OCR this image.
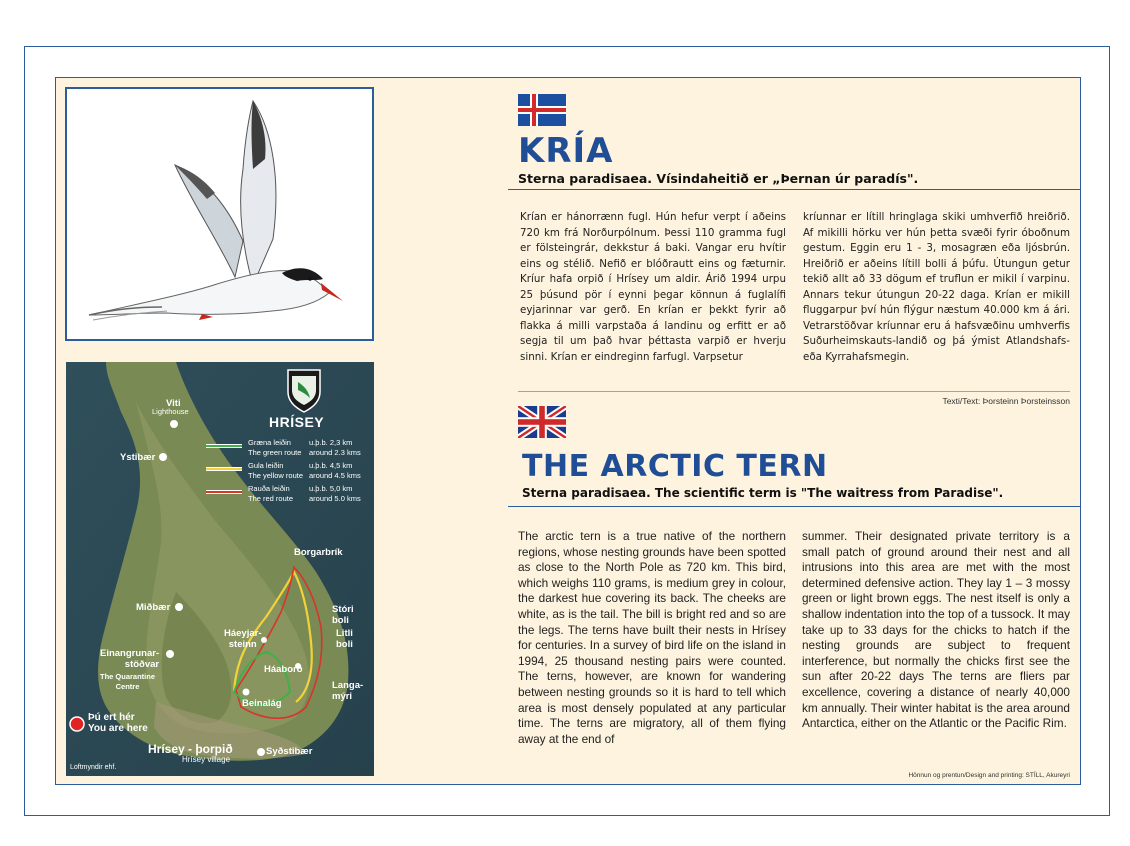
KRÍA
Sterna paradisaea. Vísindaheitið er „Þernan úr paradís".

Krían er hánorrænn fugl. Hún hefur verpt í aðeins 720 km frá Norðurpólnum. Þessi 110 gramma fugl er fölsteingrár, dekkstur á baki. Vangar eru hvítir eins og stélið. Nefið er blóðrautt eins og fæturnir. Kríur hafa orpið í Hrísey um aldir. Árið 1994 urpu 25 þúsund pör í eynni þegar könnun á fuglalífi eyjarinnar var gerð. En krían er þekkt fyrir að flakka á milli varpstaða á landinu og erfitt er að segja til um það hvar þéttasta varpið er hverju sinni. Krían er eindreginn farfugl. Varpsetur

kríunnar er lítill hringlaga skiki umhverfið hreiðrið. Af mikilli hörku ver hún þetta svæði fyrir óboðnum gestum. Eggin eru 1 - 3, mosagræn eða ljósbrún. Hreiðrið er aðeins lítill bolli á þúfu. Útungun getur tekið allt að 33 dögum ef truflun er mikil í varpinu. Annars tekur útungun 20-22 daga. Krían er mikill fluggarpur því hún flýgur næstum 40.000 km á ári. Vetrarstöðvar kríunnar eru á hafsvæðinu umhverfis Suðurheimskauts-landið og þá ýmist Atlandshafs- eða Kyrrahafsmegin.

Texti/Text: Þorsteinn Þorsteinsson
THE ARCTIC TERN
Sterna paradisaea. The scientific term is "The waitress from Paradise".

The arctic tern is a true native of the northern regions, whose nesting grounds have been spotted as close to the North Pole as 720 km. This bird, which weighs 110 grams, is medium grey in colour, the darkest hue covering its back. The cheeks are white, as is the tail. The bill is bright red and so are the legs. The terns have built their nests in Hrísey for centuries. In a survey of bird life on the island in 1994, 25 thousand nesting pairs were counted. The terns, however, are known for wandering between nesting grounds so it is hard to tell which area is most densely populated at any particular time. The terns are migratory, all of them flying away at the end of

summer. Their designated private territory is a small patch of ground around their nest and all intrusions into this area are met with the most determined defensive action. They lay 1 – 3 mossy green or light brown eggs. The nest itself is only a shallow indentation into the top of a tussock. It may take up to 33 days for the chicks to hatch if the nesting grounds are subject to frequent interference, but normally the chicks first see the sun after 20-22 days The terns are fliers par excellence, covering a distance of nearly 40,000 km annually. Their winter habitat is the area around Antarctica, either on the Atlantic or the Pacific Rim.

Hönnun og prentun/Design and printing: STÍLL, Akureyri
HRÍSEY
Græna leiðin
The green route
u.þ.b. 2,3 km
around 2.3 kms
Gula leiðin
The yellow route
u.þ.b. 4,5 km
around 4.5 kms
Rauða leiðin
The red route
u.þ.b. 5,0 km
around 5.0 kms
Viti
Lighthouse
Ystibær
Borgarbrík
Miðbær	Stóri
boli
Litli
boli
Háeyjar-
steinn
Einangrunar-
stöðvar
The Quarantine
Centre
Háaborð
Langa-
mýri
Beinalág
Syðstibær
Þú ert hér
You are here
Hrísey - þorpið
Hrísey village
Loftmyndir ehf.
